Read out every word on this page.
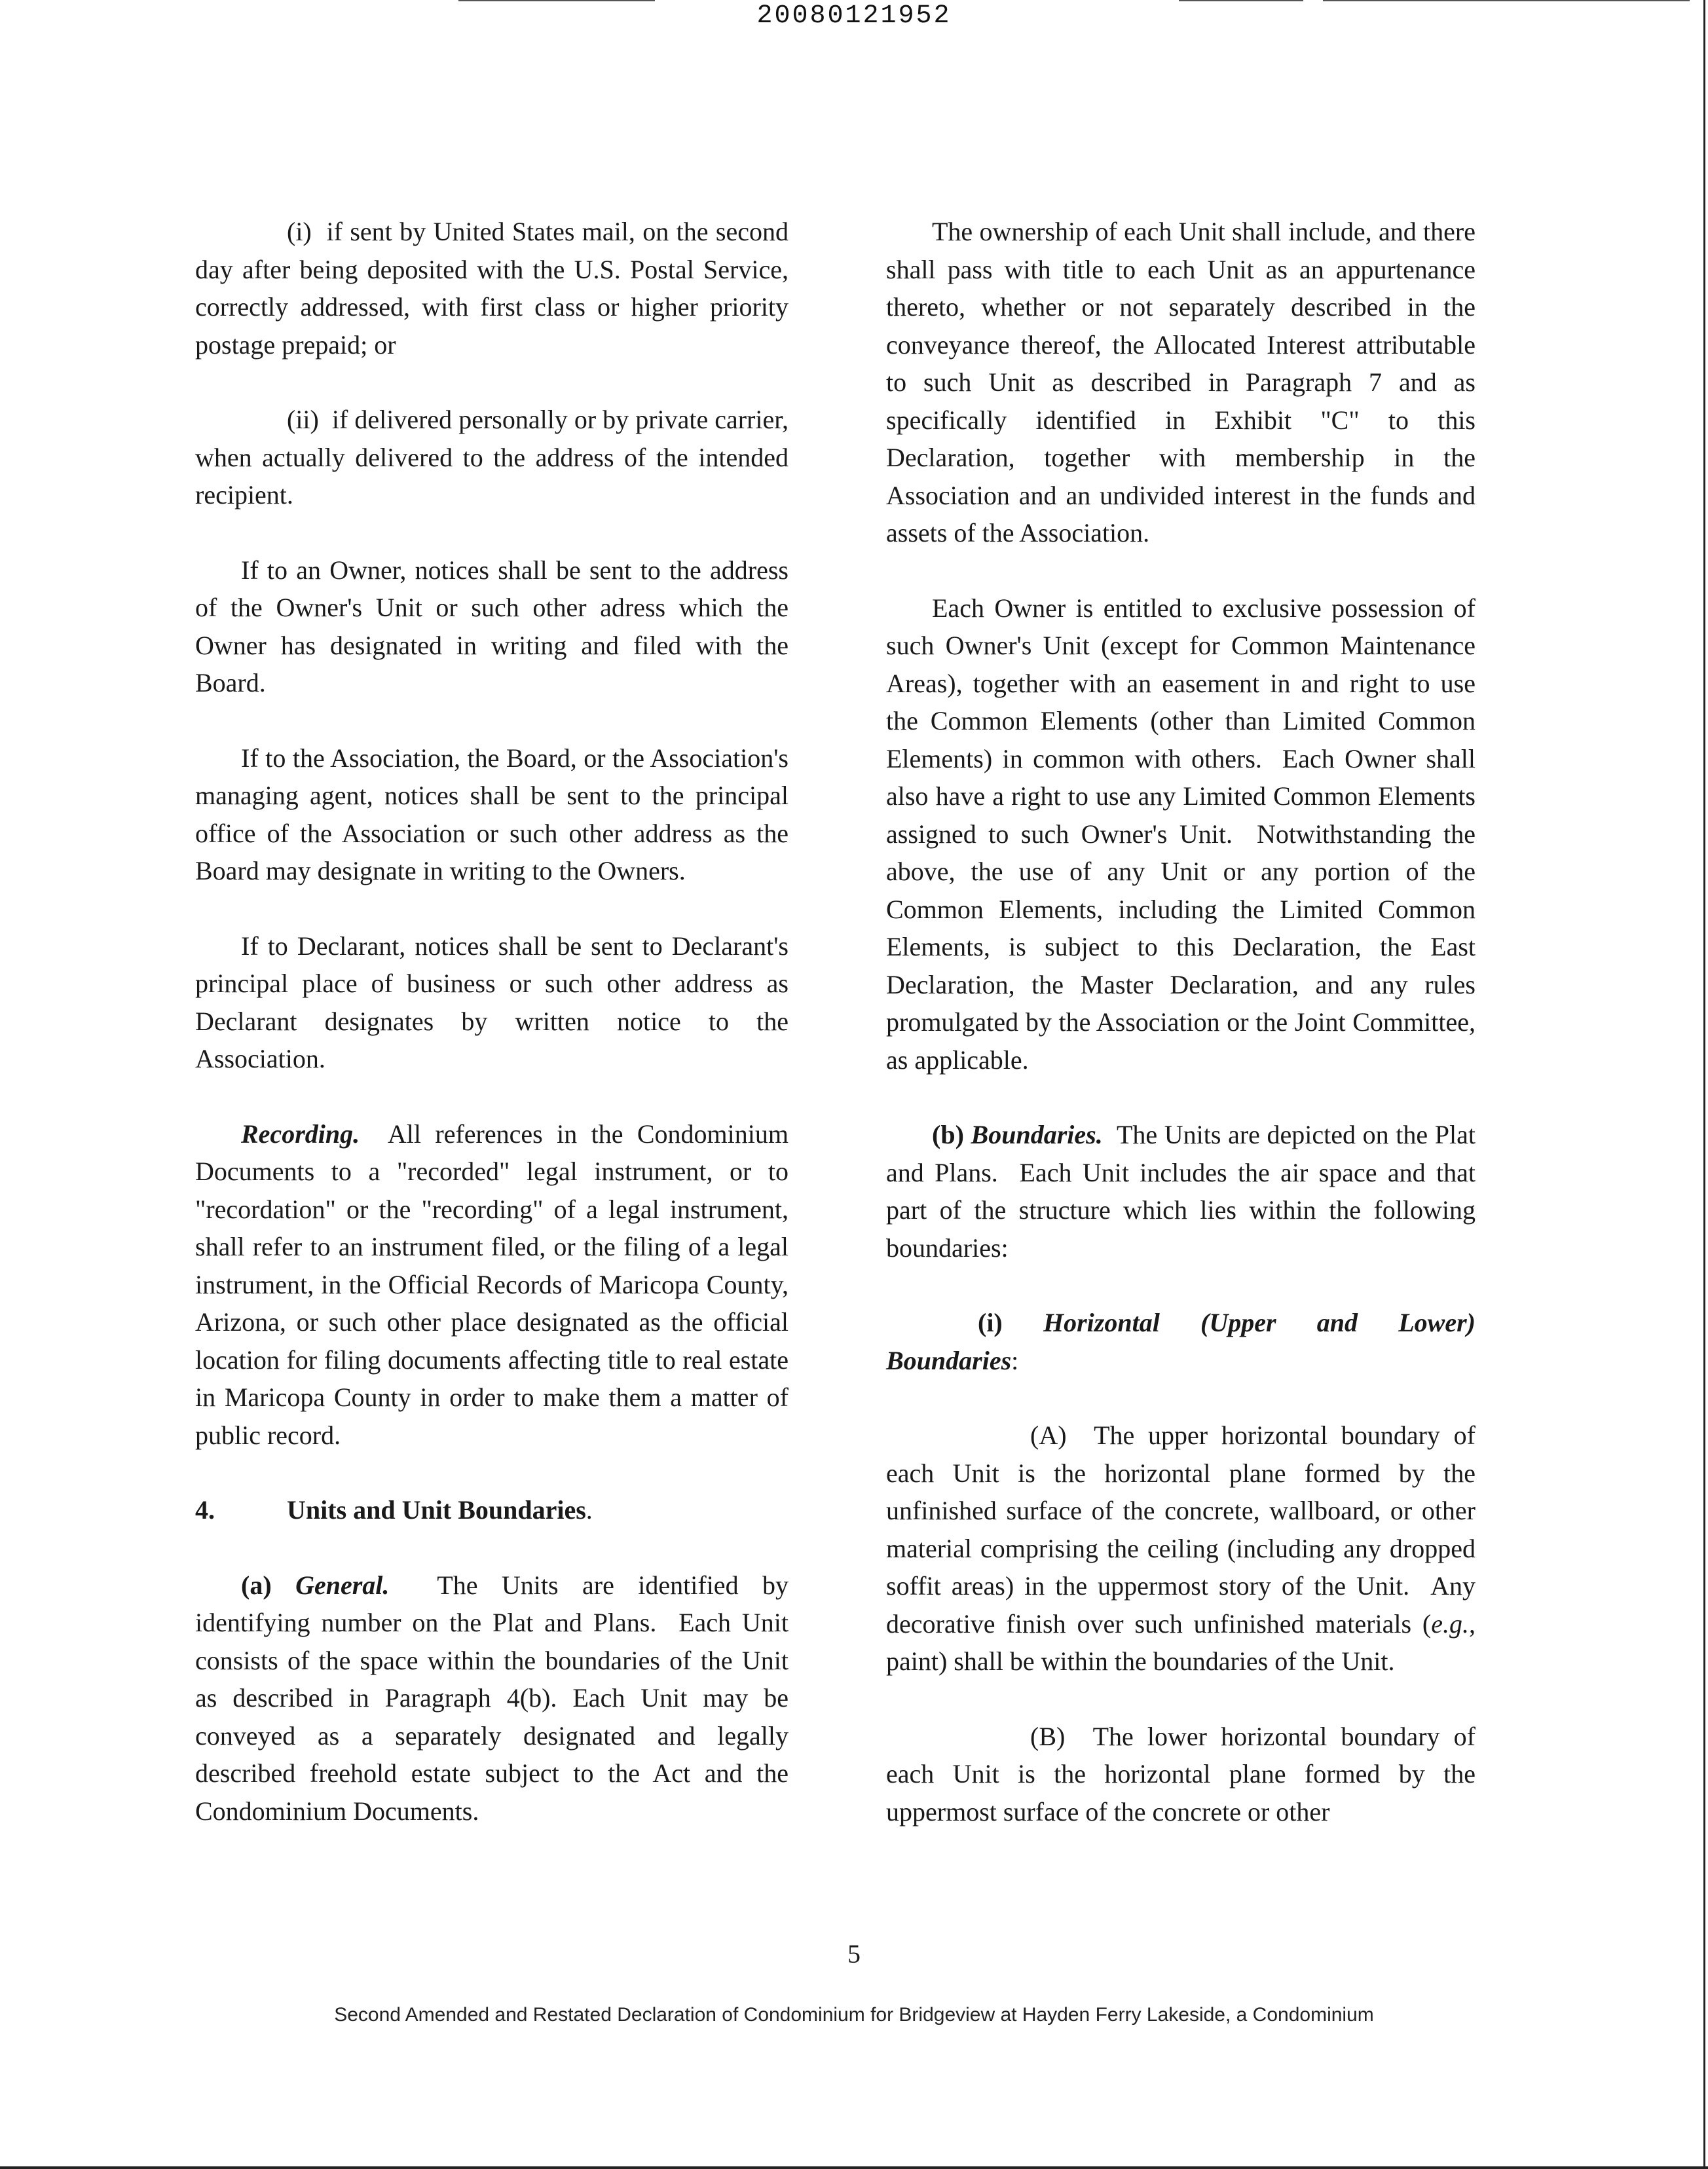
20080121952

(i)  if sent by United States mail, on the second day after being deposited with the U.S. Postal Service, correctly addressed, with first class or higher priority postage prepaid; or

(ii)  if delivered personally or by private carrier, when actually delivered to the address of the intended recipient.

If to an Owner, notices shall be sent to the address of the Owner's Unit or such other adress which the Owner has designated in writing and filed with the Board.

If to the Association, the Board, or the Association's managing agent, notices shall be sent to the principal office of the Association or such other address as the Board may designate in writing to the Owners.

If to Declarant, notices shall be sent to Declarant's principal place of business or such other address as Declarant designates by written notice to the Association.

Recording. All references in the Condominium Documents to a "recorded" legal instrument, or to "recordation" or the "recording" of a legal instrument, shall refer to an instrument filed, or the filing of a legal instrument, in the Official Records of Maricopa County, Arizona, or such other place designated as the official location for filing documents affecting title to real estate in Maricopa County in order to make them a matter of public record.

4.	Units and Unit Boundaries.

(a) General. The Units are identified by identifying number on the Plat and Plans.  Each Unit consists of the space within the boundaries of the Unit as described in Paragraph 4(b). Each Unit may be conveyed as a separately designated and legally described freehold estate subject to the Act and the Condominium Documents.

The ownership of each Unit shall include, and there shall pass with title to each Unit as an appurtenance thereto, whether or not separately described in the conveyance thereof, the Allocated Interest attributable to such Unit as described in Paragraph 7 and as specifically identified in Exhibit "C" to this Declaration, together with membership in the Association and an undivided interest in the funds and assets of the Association.

Each Owner is entitled to exclusive possession of such Owner's Unit (except for Common Maintenance Areas), together with an easement in and right to use the Common Elements (other than Limited Common Elements) in common with others.  Each Owner shall also have a right to use any Limited Common Elements assigned to such Owner's Unit.  Notwithstanding the above, the use of any Unit or any portion of the Common Elements, including the Limited Common Elements, is subject to this Declaration, the East Declaration, the Master Declaration, and any rules promulgated by the Association or the Joint Committee, as applicable.

(b) Boundaries. The Units are depicted on the Plat and Plans.  Each Unit includes the air space and that part of the structure which lies within the following boundaries:

(i) Horizontal (Upper and Lower) Boundaries:

(A)  The upper horizontal boundary of each Unit is the horizontal plane formed by the unfinished surface of the concrete, wallboard, or other material comprising the ceiling (including any dropped soffit areas) in the uppermost story of the Unit.  Any decorative finish over such unfinished materials (e.g., paint) shall be within the boundaries of the Unit.

(B)  The lower horizontal boundary of each Unit is the horizontal plane formed by the uppermost surface of the concrete or other

5
Second Amended and Restated Declaration of Condominium for Bridgeview at Hayden Ferry Lakeside, a Condominium
